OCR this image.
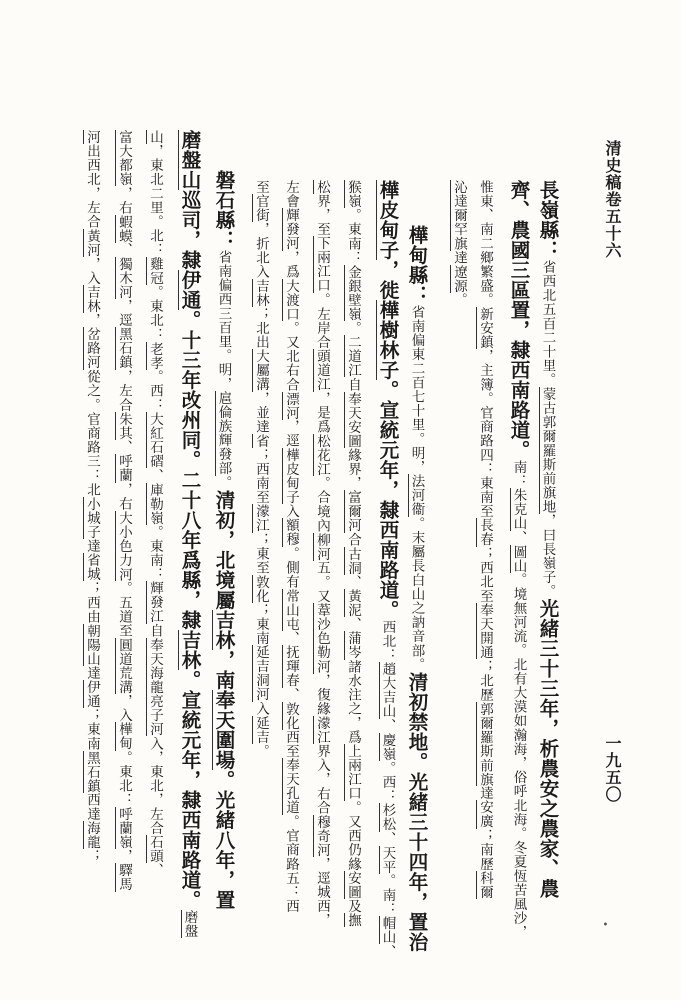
清史稿卷五十六
一九五〇
•
長嶺縣：省西北五百二十里。蒙古郭爾羅斯前旗地，曰長嶺子。光緒三十三年，析農安之農家、農
齊、農國三區置，隸西南路道。南：朱克山、圖山。境無河流。北有大漠如瀚海，俗呼北海。冬夏恆苦風沙，
惟東、南二鄉繁盛。新安鎮，主簿。官商路四：東南至長春；西北至奉天開通；北歷郭爾羅斯前旗達安廣；南歷科爾
沁達爾罕旗達遼源。
樺甸縣：省南偏東二百七十里。明，法河衞。末屬長白山之訥音部。清初禁地。光緒三十四年，置治
樺皮甸子，徙樺樹林子。宣統元年，隸西南路道。西北：趙大吉山、慶嶺。西：杉松、天平。南：帽山、
猴嶺。東南：金銀壁嶺。二道江自奉天安圖緣界，富爾河合古洞、黃泥、蒲岑諸水注之，爲上兩江口。又西仍緣安圖及撫
松界，至下兩江口。左岸合頭道江，是爲松花江。合境內柳河五。又葦沙色勒河，復緣濛江界入，右合穆奇河，逕城西，
左會輝發河，爲大渡口。又北右合漂河，逕樺皮甸子入額穆。側有常山屯、抚琿春、敦化西至奉天孔道。官商路五：西
至官街，折北入吉林；北出大屬溝，並達省；西南至濛江；東至敦化；東南延吉洞河入延吉。
磐石縣：省南偏西三百里。明，扈倫族輝發部。清初，北境屬吉林，南奉天圍場。光緒八年，置
磨盤山巡司，隸伊通。十三年改州同。二十八年爲縣，隸吉林。宣統元年，隸西南路道。磨盤
山，東北二里。北：雞冠。東北：老孝。西：大紅石磖、庫勒嶺。東南：輝發江自奉天海龍亮子河入，東北，左合石頭、
富大都嶺，右蝦蟆、獨木河，逕黑石鎮，左合朱其、呼蘭，右大小色力河。五道至圓道荒溝，入樺甸。東北：呼蘭嶺，驛馬
河出西北，左合黃河，入吉林，岔路河從之。官商路三：北小城子達省城；西由朝陽山達伊通；東南黑石鎮西達海龍；
